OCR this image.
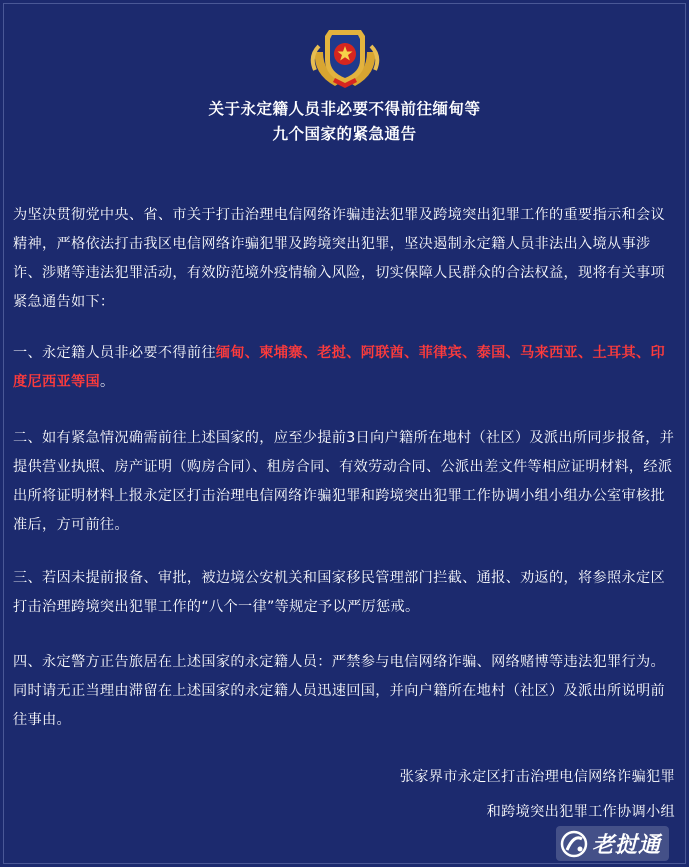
关于永定籍人员非必要不得前往缅甸等
九个国家的紧急通告

为坚决贯彻党中央、省、市关于打击治理电信网络诈骗违法犯罪及跨境突出犯罪工作的重要指示和会议精神，严格依法打击我区电信网络诈骗犯罪及跨境突出犯罪，坚决遏制永定籍人员非法出入境从事涉诈、涉赌等违法犯罪活动，有效防范境外疫情输入风险，切实保障人民群众的合法权益，现将有关事项紧急通告如下：

一、永定籍人员非必要不得前往缅甸、柬埔寨、老挝、阿联酋、菲律宾、泰国、马来西亚、土耳其、印度尼西亚等国。

二、如有紧急情况确需前往上述国家的，应至少提前3日向户籍所在地村（社区）及派出所同步报备，并提供营业执照、房产证明（购房合同）、租房合同、有效劳动合同、公派出差文件等相应证明材料，经派出所将证明材料上报永定区打击治理电信网络诈骗犯罪和跨境突出犯罪工作协调小组小组办公室审核批准后，方可前往。

三、若因未提前报备、审批，被边境公安机关和国家移民管理部门拦截、通报、劝返的，将参照永定区打击治理跨境突出犯罪工作的“八个一律”等规定予以严厉惩戒。

四、永定警方正告旅居在上述国家的永定籍人员：严禁参与电信网络诈骗、网络赌博等违法犯罪行为。同时请无正当理由滞留在上述国家的永定籍人员迅速回国，并向户籍所在地村（社区）及派出所说明前往事由。

张家界市永定区打击治理电信网络诈骗犯罪
和跨境突出犯罪工作协调小组
老挝通
